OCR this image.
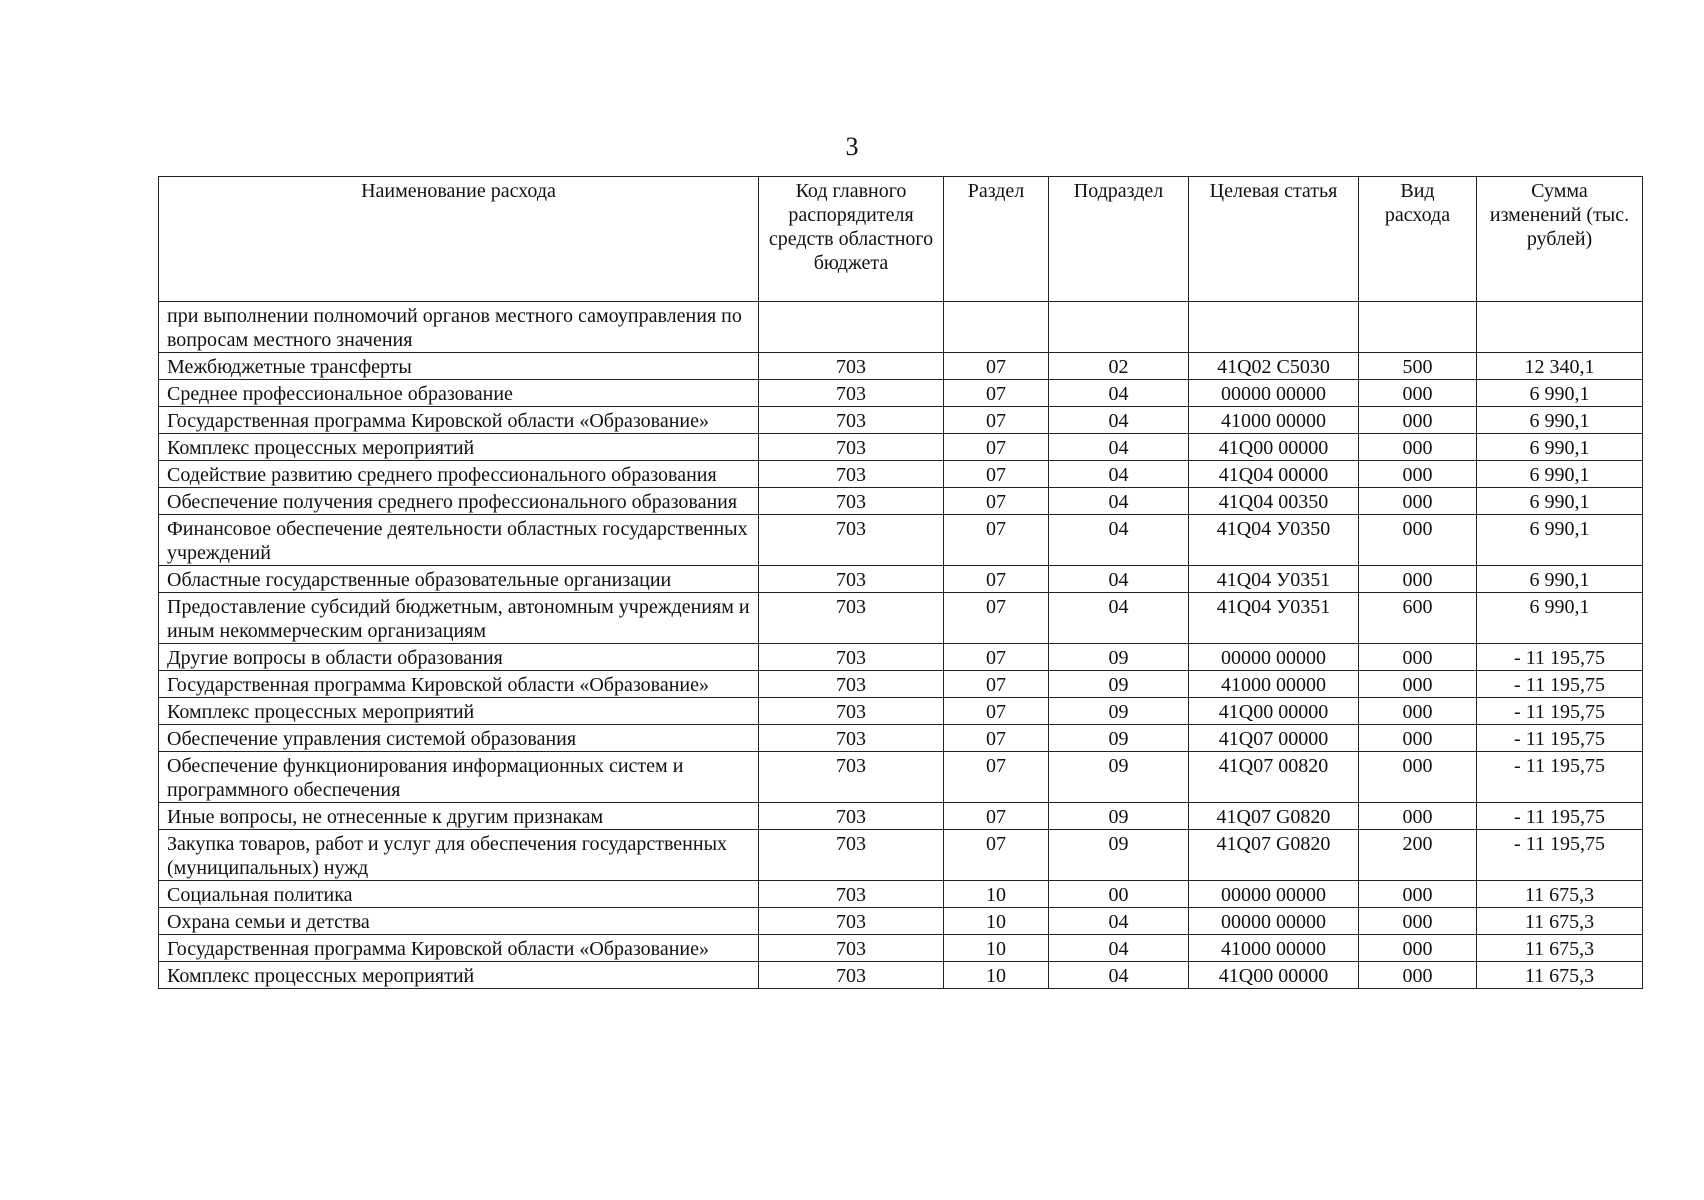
3
Наименование расхода	Код главного распорядителя средств областного бюджета	Раздел	Подраздел	Целевая статья	Вид расхода	Сумма изменений (тыс. рублей)
при выполнении полномочий органов местного самоуправления по вопросам местного значения						
Межбюджетные трансферты	703	07	02	41Q02 C5030	500	12 340,1
Среднее профессиональное образование	703	07	04	00000 00000	000	6 990,1
Государственная программа Кировской области «Образование»	703	07	04	41000 00000	000	6 990,1
Комплекс процессных мероприятий	703	07	04	41Q00 00000	000	6 990,1
Содействие развитию среднего профессионального образования	703	07	04	41Q04 00000	000	6 990,1
Обеспечение получения среднего профессионального образования	703	07	04	41Q04 00350	000	6 990,1
Финансовое обеспечение деятельности областных государственных учреждений	703	07	04	41Q04 У0350	000	6 990,1
Областные государственные образовательные организации	703	07	04	41Q04 У0351	000	6 990,1
Предоставление субсидий бюджетным, автономным учреждениям и иным некоммерческим организациям	703	07	04	41Q04 У0351	600	6 990,1
Другие вопросы в области образования	703	07	09	00000 00000	000	- 11 195,75
Государственная программа Кировской области «Образование»	703	07	09	41000 00000	000	- 11 195,75
Комплекс процессных мероприятий	703	07	09	41Q00 00000	000	- 11 195,75
Обеспечение управления системой образования	703	07	09	41Q07 00000	000	- 11 195,75
Обеспечение функционирования информационных систем и программного обеспечения	703	07	09	41Q07 00820	000	- 11 195,75
Иные вопросы, не отнесенные к другим признакам	703	07	09	41Q07 G0820	000	- 11 195,75
Закупка товаров, работ и услуг для обеспечения государственных (муниципальных) нужд	703	07	09	41Q07 G0820	200	- 11 195,75
Социальная политика	703	10	00	00000 00000	000	11 675,3
Охрана семьи и детства	703	10	04	00000 00000	000	11 675,3
Государственная программа Кировской области «Образование»	703	10	04	41000 00000	000	11 675,3
Комплекс процессных мероприятий	703	10	04	41Q00 00000	000	11 675,3
